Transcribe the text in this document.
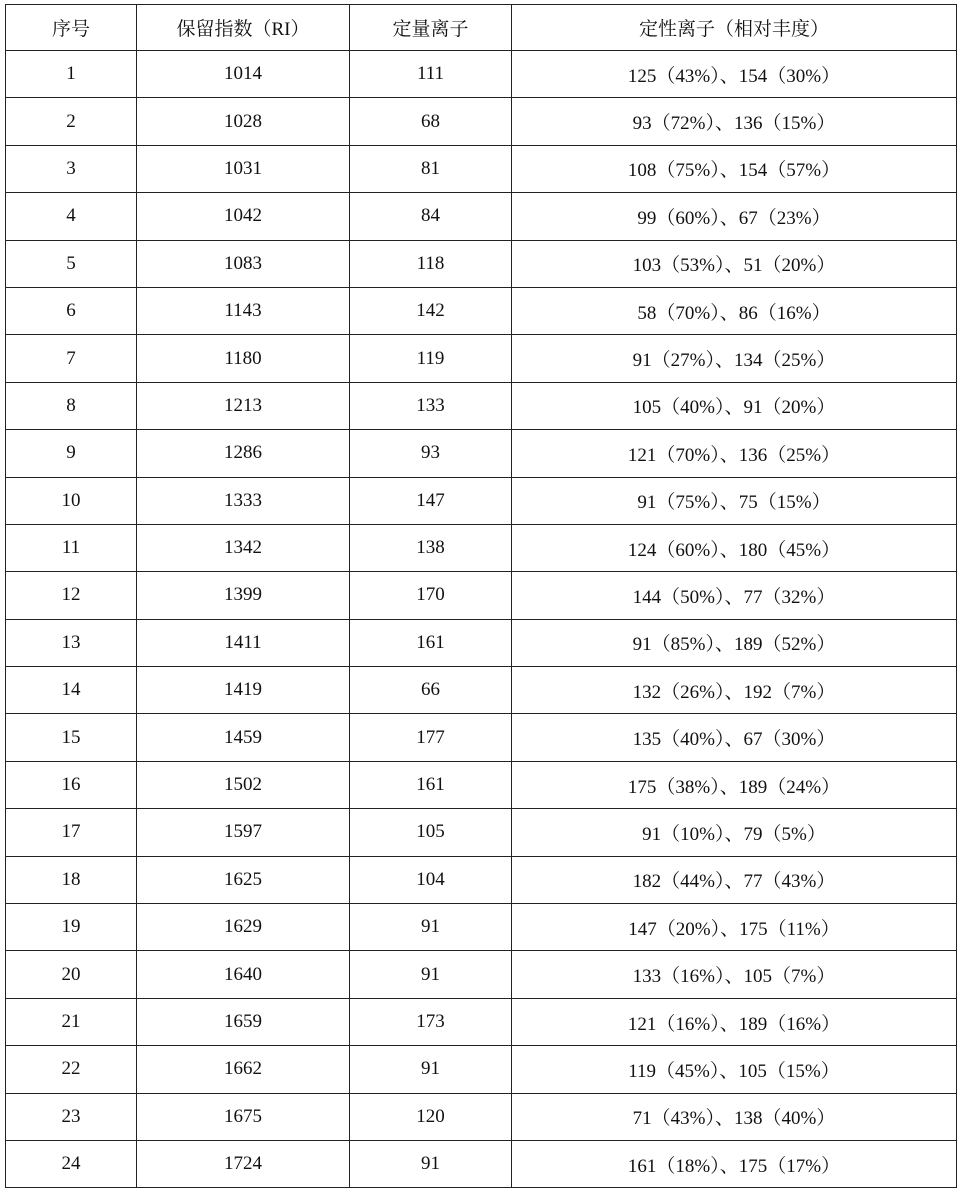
序号	保留指数（RI）	定量离子	定性离子（相对丰度）
1	1014	111	125（43%）、154（30%）
2	1028	68	93（72%）、136（15%）
3	1031	81	108（75%）、154（57%）
4	1042	84	99（60%）、67（23%）
5	1083	118	103（53%）、51（20%）
6	1143	142	58（70%）、86（16%）
7	1180	119	91（27%）、134（25%）
8	1213	133	105（40%）、91（20%）
9	1286	93	121（70%）、136（25%）
10	1333	147	91（75%）、75（15%）
11	1342	138	124（60%）、180（45%）
12	1399	170	144（50%）、77（32%）
13	1411	161	91（85%）、189（52%）
14	1419	66	132（26%）、192（7%）
15	1459	177	135（40%）、67（30%）
16	1502	161	175（38%）、189（24%）
17	1597	105	91（10%）、79（5%）
18	1625	104	182（44%）、77（43%）
19	1629	91	147（20%）、175（11%）
20	1640	91	133（16%）、105（7%）
21	1659	173	121（16%）、189（16%）
22	1662	91	119（45%）、105（15%）
23	1675	120	71（43%）、138（40%）
24	1724	91	161（18%）、175（17%）
